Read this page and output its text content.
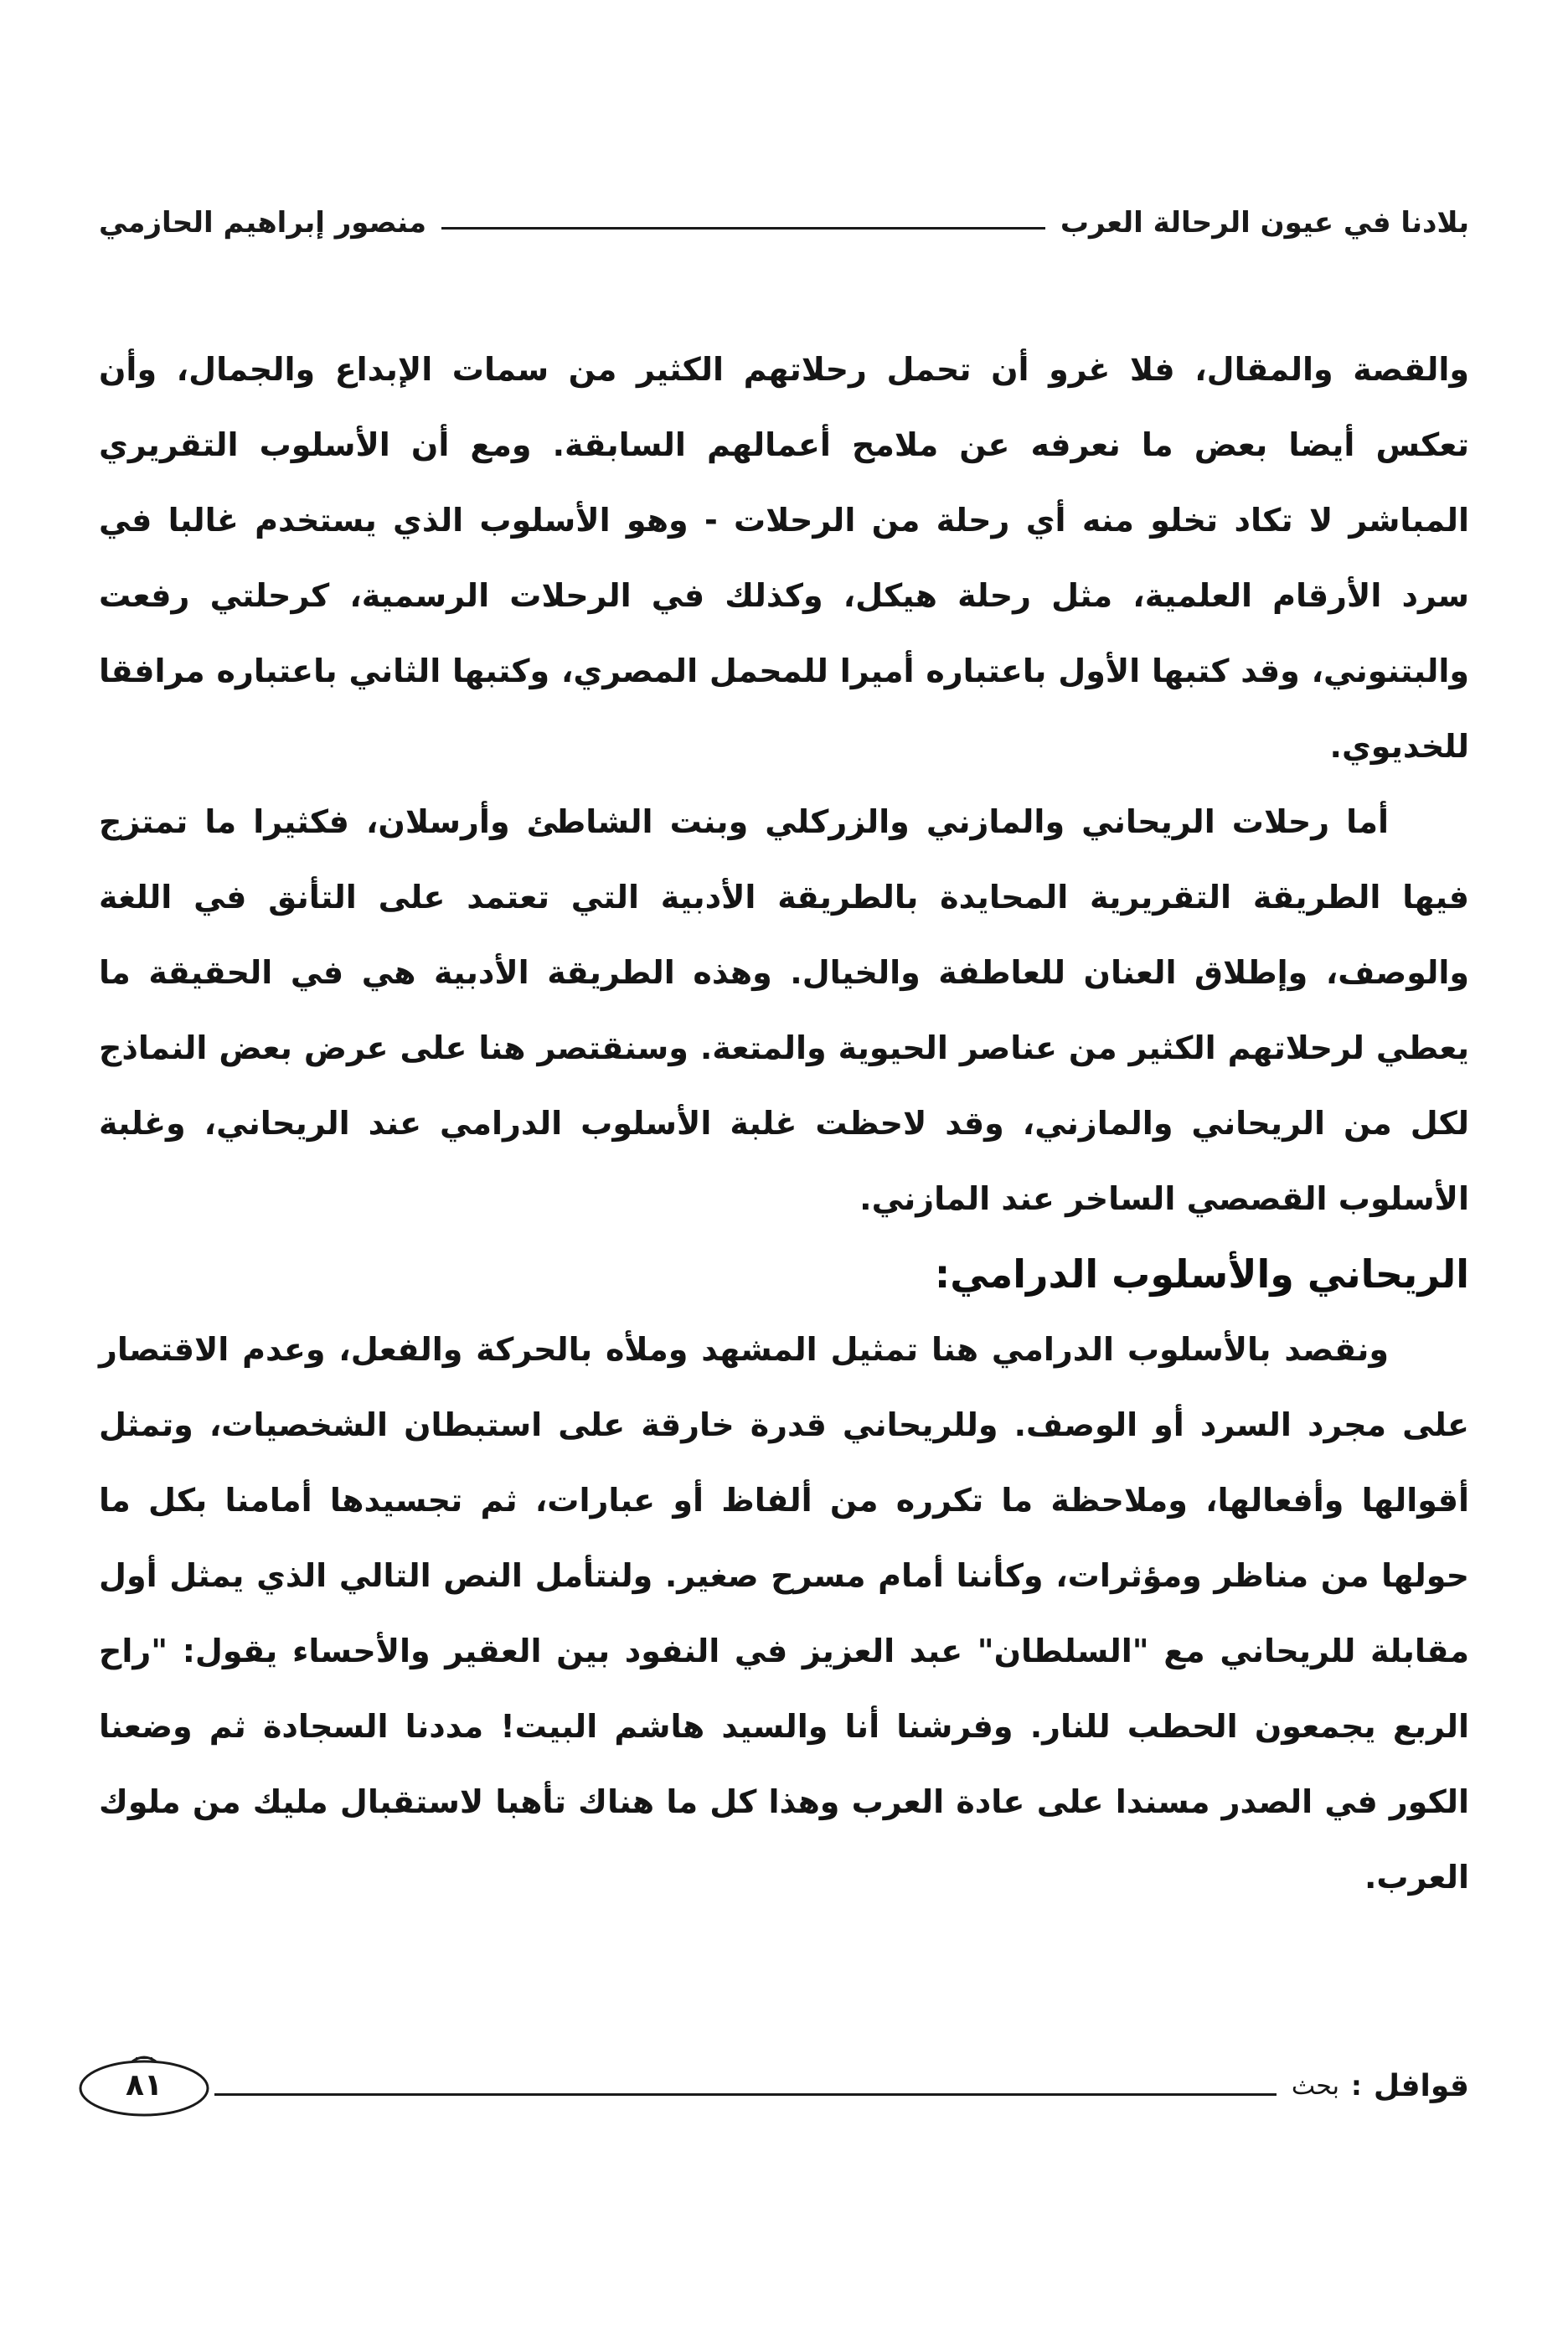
بلادنا في عيون الرحالة العرب
منصور إبراهيم الحازمي

والقصة والمقال، فلا غرو أن تحمل رحلاتهم الكثير من سمات الإبداع والجمال، وأن تعكس أيضا بعض ما نعرفه عن ملامح أعمالهم السابقة. ومع أن الأسلوب التقريري المباشر لا تكاد تخلو منه أي رحلة من الرحلات - وهو الأسلوب الذي يستخدم غالبا في سرد الأرقام العلمية، مثل رحلة هيكل، وكذلك في الرحلات الرسمية، كرحلتي رفعت والبتنوني، وقد كتبها الأول باعتباره أميرا للمحمل المصري، وكتبها الثاني باعتباره مرافقا للخديوي.

أما رحلات الريحاني والمازني والزركلي وبنت الشاطئ وأرسلان، فكثيرا ما تمتزج فيها الطريقة التقريرية المحايدة بالطريقة الأدبية التي تعتمد على التأنق في اللغة والوصف، وإطلاق العنان للعاطفة والخيال. وهذه الطريقة الأدبية هي في الحقيقة ما يعطي لرحلاتهم الكثير من عناصر الحيوية والمتعة. وسنقتصر هنا على عرض بعض النماذج لكل من الريحاني والمازني، وقد لاحظت غلبة الأسلوب الدرامي عند الريحاني، وغلبة الأسلوب القصصي الساخر عند المازني.

الريحاني والأسلوب الدرامي:

ونقصد بالأسلوب الدرامي هنا تمثيل المشهد وملأه بالحركة والفعل، وعدم الاقتصار على مجرد السرد أو الوصف. وللريحاني قدرة خارقة على استبطان الشخصيات، وتمثل أقوالها وأفعالها، وملاحظة ما تكرره من ألفاظ أو عبارات، ثم تجسيدها أمامنا بكل ما حولها من مناظر ومؤثرات، وكأننا أمام مسرح صغير. ولنتأمل النص التالي الذي يمثل أول مقابلة للريحاني مع "السلطان" عبد العزيز في النفود بين العقير والأحساء يقول: "راح الربع يجمعون الحطب للنار. وفرشنا أنا والسيد هاشم البيت! مددنا السجادة ثم وضعنا الكور في الصدر مسندا على عادة العرب وهذا كل ما هناك تأهبا لاستقبال مليك من ملوك العرب.

قوافل
:
بحث
٨١
